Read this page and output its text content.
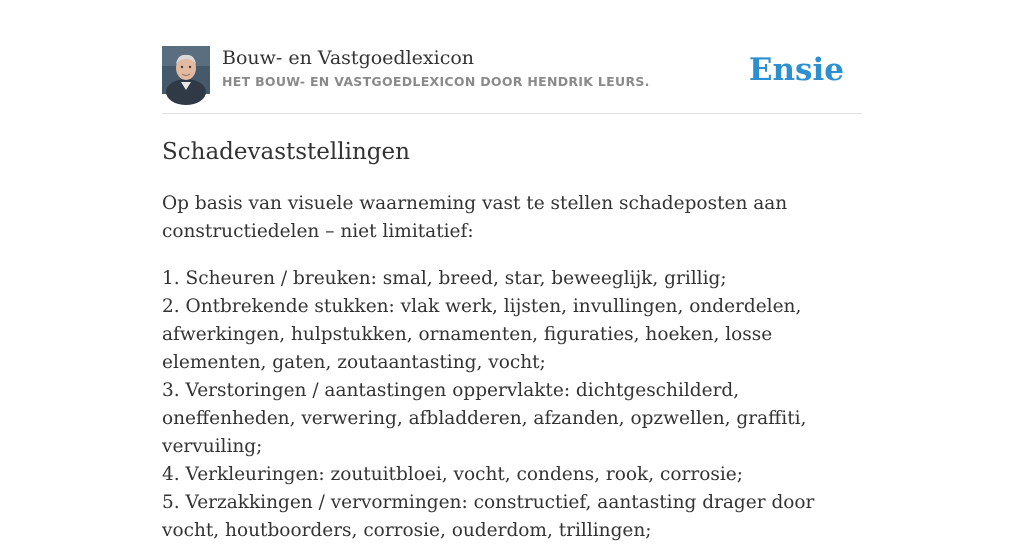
Bouw- en Vastgoedlexicon
HET BOUW- EN VASTGOEDLEXICON DOOR HENDRIK LEURS.	Ensie
Schadevaststellingen

Op basis van visuele waarneming vast te stellen schadeposten aan constructiedelen – niet limitatief:

1. Scheuren / breuken: smal, breed, star, beweeglijk, grillig;

2. Ontbrekende stukken: vlak werk, lijsten, invullingen, onderdelen, afwerkingen, hulpstukken, ornamenten, figuraties, hoeken, losse elementen, gaten, zoutaantasting, vocht;

3. Verstoringen / aantastingen oppervlakte: dichtgeschilderd, oneffenheden, verwering, afbladderen, afzanden, opzwellen, graffiti, vervuiling;

4. Verkleuringen: zoutuitbloei, vocht, condens, rook, corrosie;

5. Verzakkingen / vervormingen: constructief, aantasting drager door vocht, houtboorders, corrosie, ouderdom, trillingen;
